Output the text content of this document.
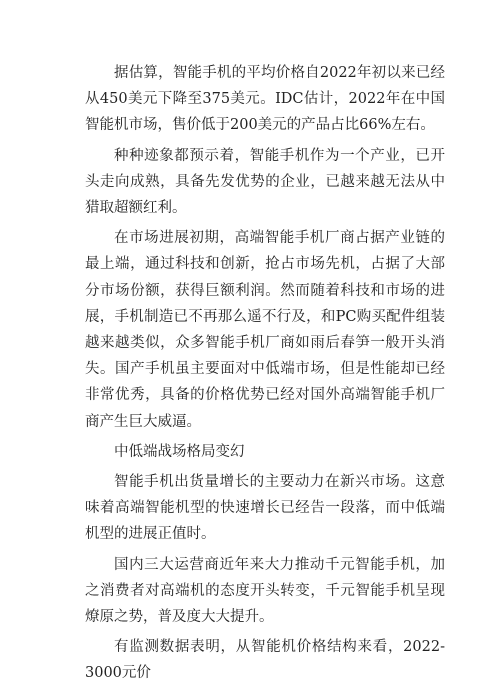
据估算，智能手机的平均价格自2022年初以来已经从450美元下降至375美元。IDC估计，2022年在中国智能机市场，售价低于200美元的产品占比66%左右。

种种迹象都预示着，智能手机作为一个产业，已开头走向成熟，具备先发优势的企业，已越来越无法从中猎取超额红利。

在市场进展初期，高端智能手机厂商占据产业链的最上端，通过科技和创新，抢占市场先机，占据了大部分市场份额，获得巨额利润。然而随着科技和市场的进展，手机制造已不再那么遥不行及，和PC购买配件组装越来越类似，众多智能手机厂商如雨后春笋一般开头消失。国产手机虽主要面对中低端市场，但是性能却已经非常优秀，具备的价格优势已经对国外高端智能手机厂商产生巨大威逼。

中低端战场格局变幻

智能手机出货量增长的主要动力在新兴市场。这意味着高端智能机型的快速增长已经告一段落，而中低端机型的进展正值时。

国内三大运营商近年来大力推动千元智能手机，加之消费者对高端机的态度开头转变，千元智能手机呈现燎原之势，普及度大大提升。

有监测数据表明，从智能机价格结构来看，2022-3000元价
